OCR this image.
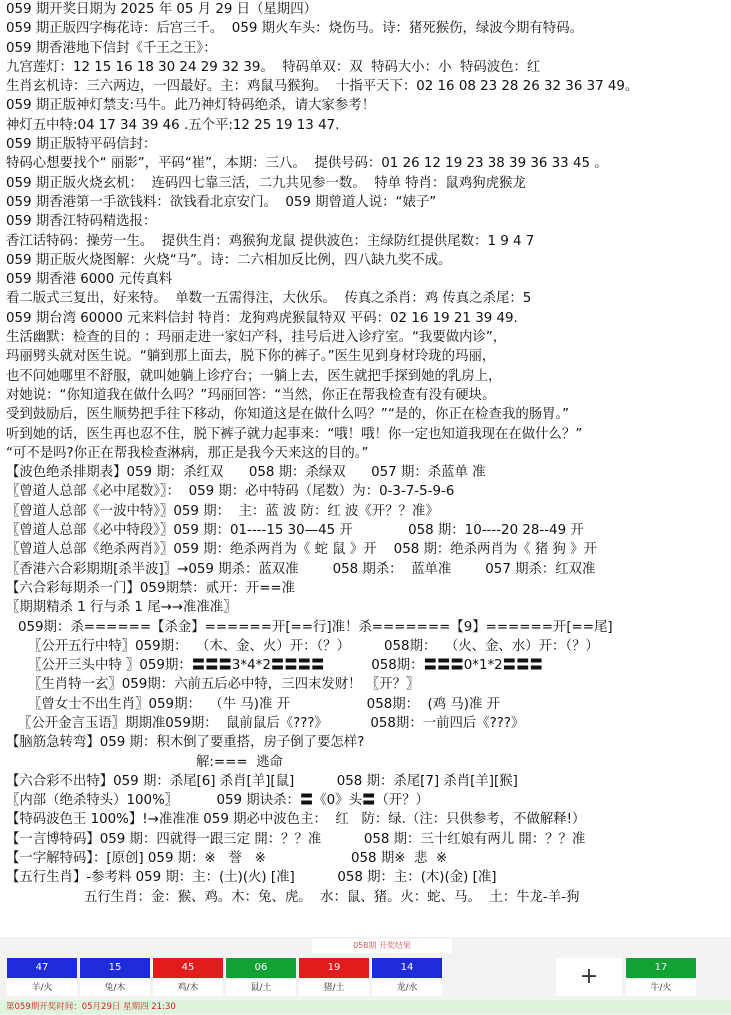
059 期开奖日期为 2025 年 05 月 29 日（星期四）
059 期正版四字梅花诗：后宫三千。  059 期火车头：烧伤马。诗：猪死猴伤，绿波今期有特码。
059 期香港地下信封《千王之王》：
九宫莲灯：12 15 16 18 30 24 29 32 39。  特码单双：双  特码大小：小  特码波色：红
生肖玄机诗：三六两边，一四最好。主：鸡鼠马猴狗。  十指平天下：02 16 08 23 28 26 32 36 37 49。
059 期正版神灯禁支:马牛。此乃神灯特码绝杀，请大家参考！
神灯五中特:04 17 34 39 46 .五个平:12 25 19 13 47.
059 期正版特平码信封：
特码心想要找个“ 丽影”，平码“崔”，本期：三八。  提供号码：01 26 12 19 23 38 39 36 33 45 。
059 期正版火烧玄机：  连码四七靠三活，二九共见参一数。  特单 特肖：鼠鸡狗虎猴龙
059 期香港第一手欲钱料：欲钱看北京安门。  059 期曾道人说：“婊子”
059 期香江特码精选报：
香江话特码：操劳一生。  提供生肖：鸡猴狗龙鼠 提供波色：主绿防红提供尾数：1 9 4 7
059 期正版火烧图解：火烧“马”。诗：二六相加反比例，四八缺九奖不成。
059 期香港 6000 元传真料
看二版式三复出，好来特。  单数一五需得注，大伙乐。  传真之杀肖：鸡 传真之杀尾：5
059 期台湾 60000 元来料信封 特肖：龙狗鸡虎猴鼠特双 平码：02 16 19 21 39 49.
生活幽默：检查的目的 ：玛丽走进一家妇产科，挂号后进入诊疗室。“我要做内诊”，
玛丽劈头就对医生说。“躺到那上面去，脱下你的裤子。”医生见到身材玲珑的玛丽，
也不问她哪里不舒服，就叫她躺上诊疗台；一躺上去，医生就把手探到她的乳房上，
对她说：“你知道我在做什么吗？”玛丽回答：“当然，你正在帮我检查有没有硬块。
受到鼓励后，医生顺势把手往下移动，你知道这是在做什么吗？”“是的，你正在检查我的肠胃。”
听到她的话，医生再也忍不住，脱下裤子就力起事来：“哦！哦！你一定也知道我现在在做什么？”
“可不是吗?你正在帮我检查淋病，那正是我今天来这的目的。”
【波色绝杀排期表】059 期：杀红双      058 期：杀绿双      057 期：杀蓝单 准
〖曾道人总部《必中尾数》〗：  059 期：必中特码（尾数）为：0-3-7-5-9-6
〖曾道人总部《一波中特》〗059 期：  主：蓝 波 防：红 波《开？？准》
〖曾道人总部《必中特段》〗059 期：01----15 30—45 开             058 期：10----20 28--49 开
〖曾道人总部《绝杀两肖》〗059 期：绝杀两肖为《 蛇 鼠 》开    058 期：绝杀两肖为《 猪 狗 》开
〖香港六合彩期期[杀半波]〗→059 期杀：蓝双准        058 期杀：  蓝单准        057 期杀：红双准
【六合彩每期杀一门】059期禁：贰开：开==准
〖期期精杀 1 行与杀 1 尾→→准准准〗
059期：杀======【杀金】======开[==行]准！杀=======【9】======开[==尾]
〖公开五行中特〗059期：  （木、金、火）开：（？）        058期：  （火、金、水）开：（？）
〖公开三头中特 〗059期：〓〓〓3*4*2〓〓〓〓           058期：〓〓〓0*1*2〓〓〓
〖生肖特一玄〗059期：六前五后必中特，三四末发财！ 〖开？〗
〖曾女士不出生肖〗059期：  （牛 马)准 开                  058期：  (鸡 马)准 开
〖公开金言玉语〗期期准059期：  鼠前鼠后《???》          058期：一前四后《???》
【脑筋急转弯】059 期：积木倒了要重搭，房子倒了要怎样?
解:===  逃命
【六合彩不出特】059 期：杀尾[6] 杀肖[羊][鼠]          058 期：杀尾[7] 杀肖[羊][猴]
〖内部（绝杀特头）100%〗         059 期诀杀：〓《0》头〓（开？）
【特码波色王 100%】!→准准准 059 期必中波色主：  红   防：绿.（注：只供参考，不做解释!）
【一言博特码】059 期：四就得一跟三定 開：？？准          058 期：三十红娘有两儿 開：？？准
【一字解特码】：[原创] 059 期：※   誉   ※                    058 期※  悲  ※
【五行生肖】-参考料 059 期：主：(土)(火) [准]          058 期：主：(木)(金) [准]
五行生肖：金：猴、鸡。木：兔、虎。  水：鼠、猪。火：蛇、马。  土：牛龙-羊-狗
058期 开奖结果
47
羊/火
15
兔/木
45
鸡/木
06
鼠/土
19
猪/土
14
龙/水	+	17
牛/火
第059期开奖时间：05月29日 星期四 21:30
